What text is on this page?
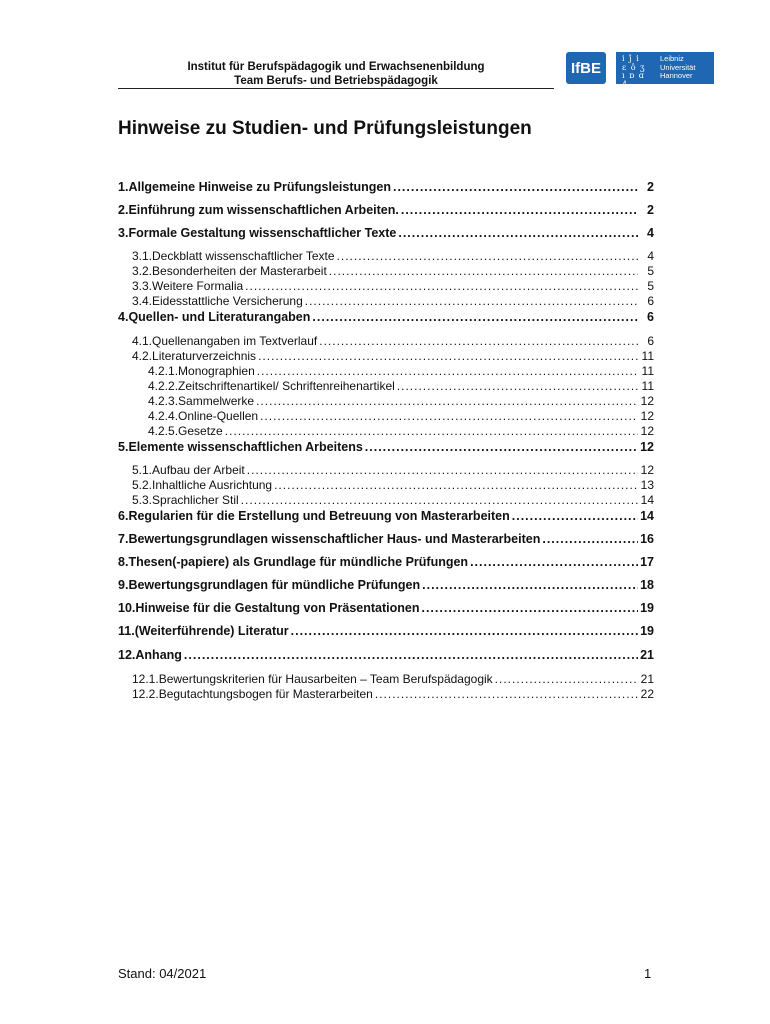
Institut für Berufspädagogik und Erwachsenenbildung
Team Berufs- und Betriebspädagogik
IfBE
i ĵ i
ɛ ô ʒ
ı ɒ ɑ 4
Leibniz
Universität
Hannover
Hinweise zu Studien- und Prüfungsleistungen
1. Allgemeine Hinweise zu Prüfungsleistungen .....	2
2. Einführung zum wissenschaftlichen Arbeiten. .....	2
3. Formale Gestaltung wissenschaftlicher Texte .....	4
3.1. Deckblatt wissenschaftlicher Texte .....	4
3.2. Besonderheiten der Masterarbeit .....	5
3.3. Weitere Formalia .....	5
3.4. Eidesstattliche Versicherung .....	6
4. Quellen- und Literaturangaben .....	6
4.1. Quellenangaben im Textverlauf .....	6
4.2. Literaturverzeichnis .....	11
4.2.1. Monographien .....	11
4.2.2. Zeitschriftenartikel/ Schriftenreihenartikel .....	11
4.2.3. Sammelwerke .....	12
4.2.4. Online-Quellen .....	12
4.2.5. Gesetze .....	12
5. Elemente wissenschaftlichen Arbeitens .....	12
5.1. Aufbau der Arbeit .....	12
5.2. Inhaltliche Ausrichtung .....	13
5.3. Sprachlicher Stil .....	14
6. Regularien für die Erstellung und Betreuung von Masterarbeiten .....	14
7. Bewertungsgrundlagen wissenschaftlicher Haus- und Masterarbeiten .....	16
8. Thesen(-papiere) als Grundlage für mündliche Prüfungen .....	17
9. Bewertungsgrundlagen für mündliche Prüfungen .....	18
10. Hinweise für die Gestaltung von Präsentationen .....	19
11. (Weiterführende) Literatur .....	19
12. Anhang .....	21
12.1. Bewertungskriterien für Hausarbeiten – Team Berufspädagogik .....	21
12.2. Begutachtungsbogen für Masterarbeiten .....	22
Stand: 04/2021	1
